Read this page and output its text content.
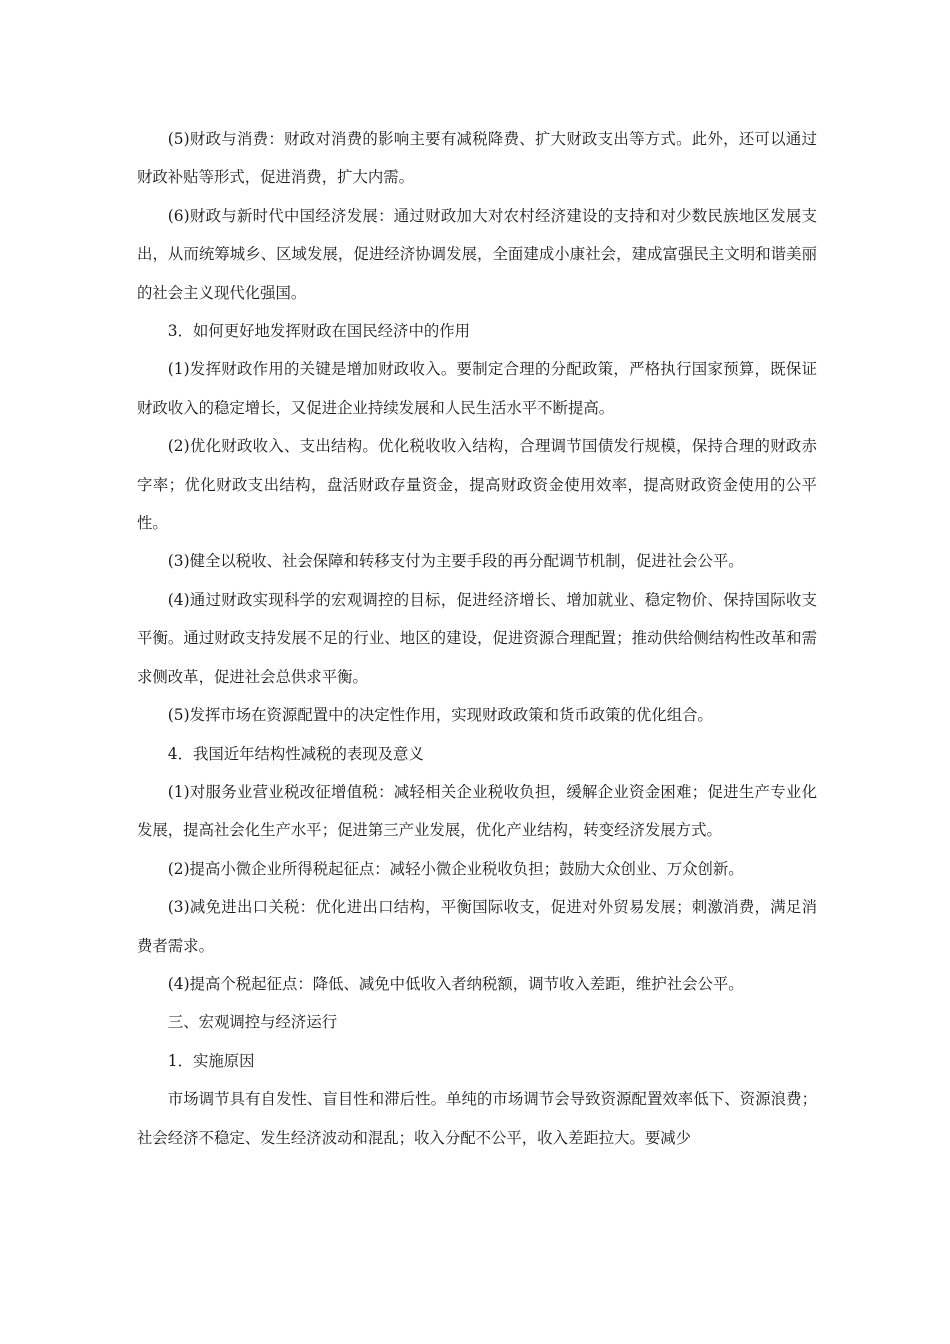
(5)财政与消费：财政对消费的影响主要有减税降费、扩大财政支出等方式。此外，还可以通过财政补贴等形式，促进消费，扩大内需。

(6)财政与新时代中国经济发展：通过财政加大对农村经济建设的支持和对少数民族地区发展支出，从而统筹城乡、区域发展，促进经济协调发展，全面建成小康社会，建成富强民主文明和谐美丽的社会主义现代化强国。

3．如何更好地发挥财政在国民经济中的作用

(1)发挥财政作用的关键是增加财政收入。要制定合理的分配政策，严格执行国家预算，既保证财政收入的稳定增长，又促进企业持续发展和人民生活水平不断提高。

(2)优化财政收入、支出结构。优化税收收入结构，合理调节国债发行规模，保持合理的财政赤字率；优化财政支出结构，盘活财政存量资金，提高财政资金使用效率，提高财政资金使用的公平性。

(3)健全以税收、社会保障和转移支付为主要手段的再分配调节机制，促进社会公平。

(4)通过财政实现科学的宏观调控的目标，促进经济增长、增加就业、稳定物价、保持国际收支平衡。通过财政支持发展不足的行业、地区的建设，促进资源合理配置；推动供给侧结构性改革和需求侧改革，促进社会总供求平衡。

(5)发挥市场在资源配置中的决定性作用，实现财政政策和货币政策的优化组合。

4．我国近年结构性减税的表现及意义

(1)对服务业营业税改征增值税：减轻相关企业税收负担，缓解企业资金困难；促进生产专业化发展，提高社会化生产水平；促进第三产业发展，优化产业结构，转变经济发展方式。

(2)提高小微企业所得税起征点：减轻小微企业税收负担；鼓励大众创业、万众创新。

(3)减免进出口关税：优化进出口结构，平衡国际收支，促进对外贸易发展；刺激消费，满足消费者需求。

(4)提高个税起征点：降低、减免中低收入者纳税额，调节收入差距，维护社会公平。

三、宏观调控与经济运行

1．实施原因

市场调节具有自发性、盲目性和滞后性。单纯的市场调节会导致资源配置效率低下、资源浪费；社会经济不稳定、发生经济波动和混乱；收入分配不公平，收入差距拉大。要减少
